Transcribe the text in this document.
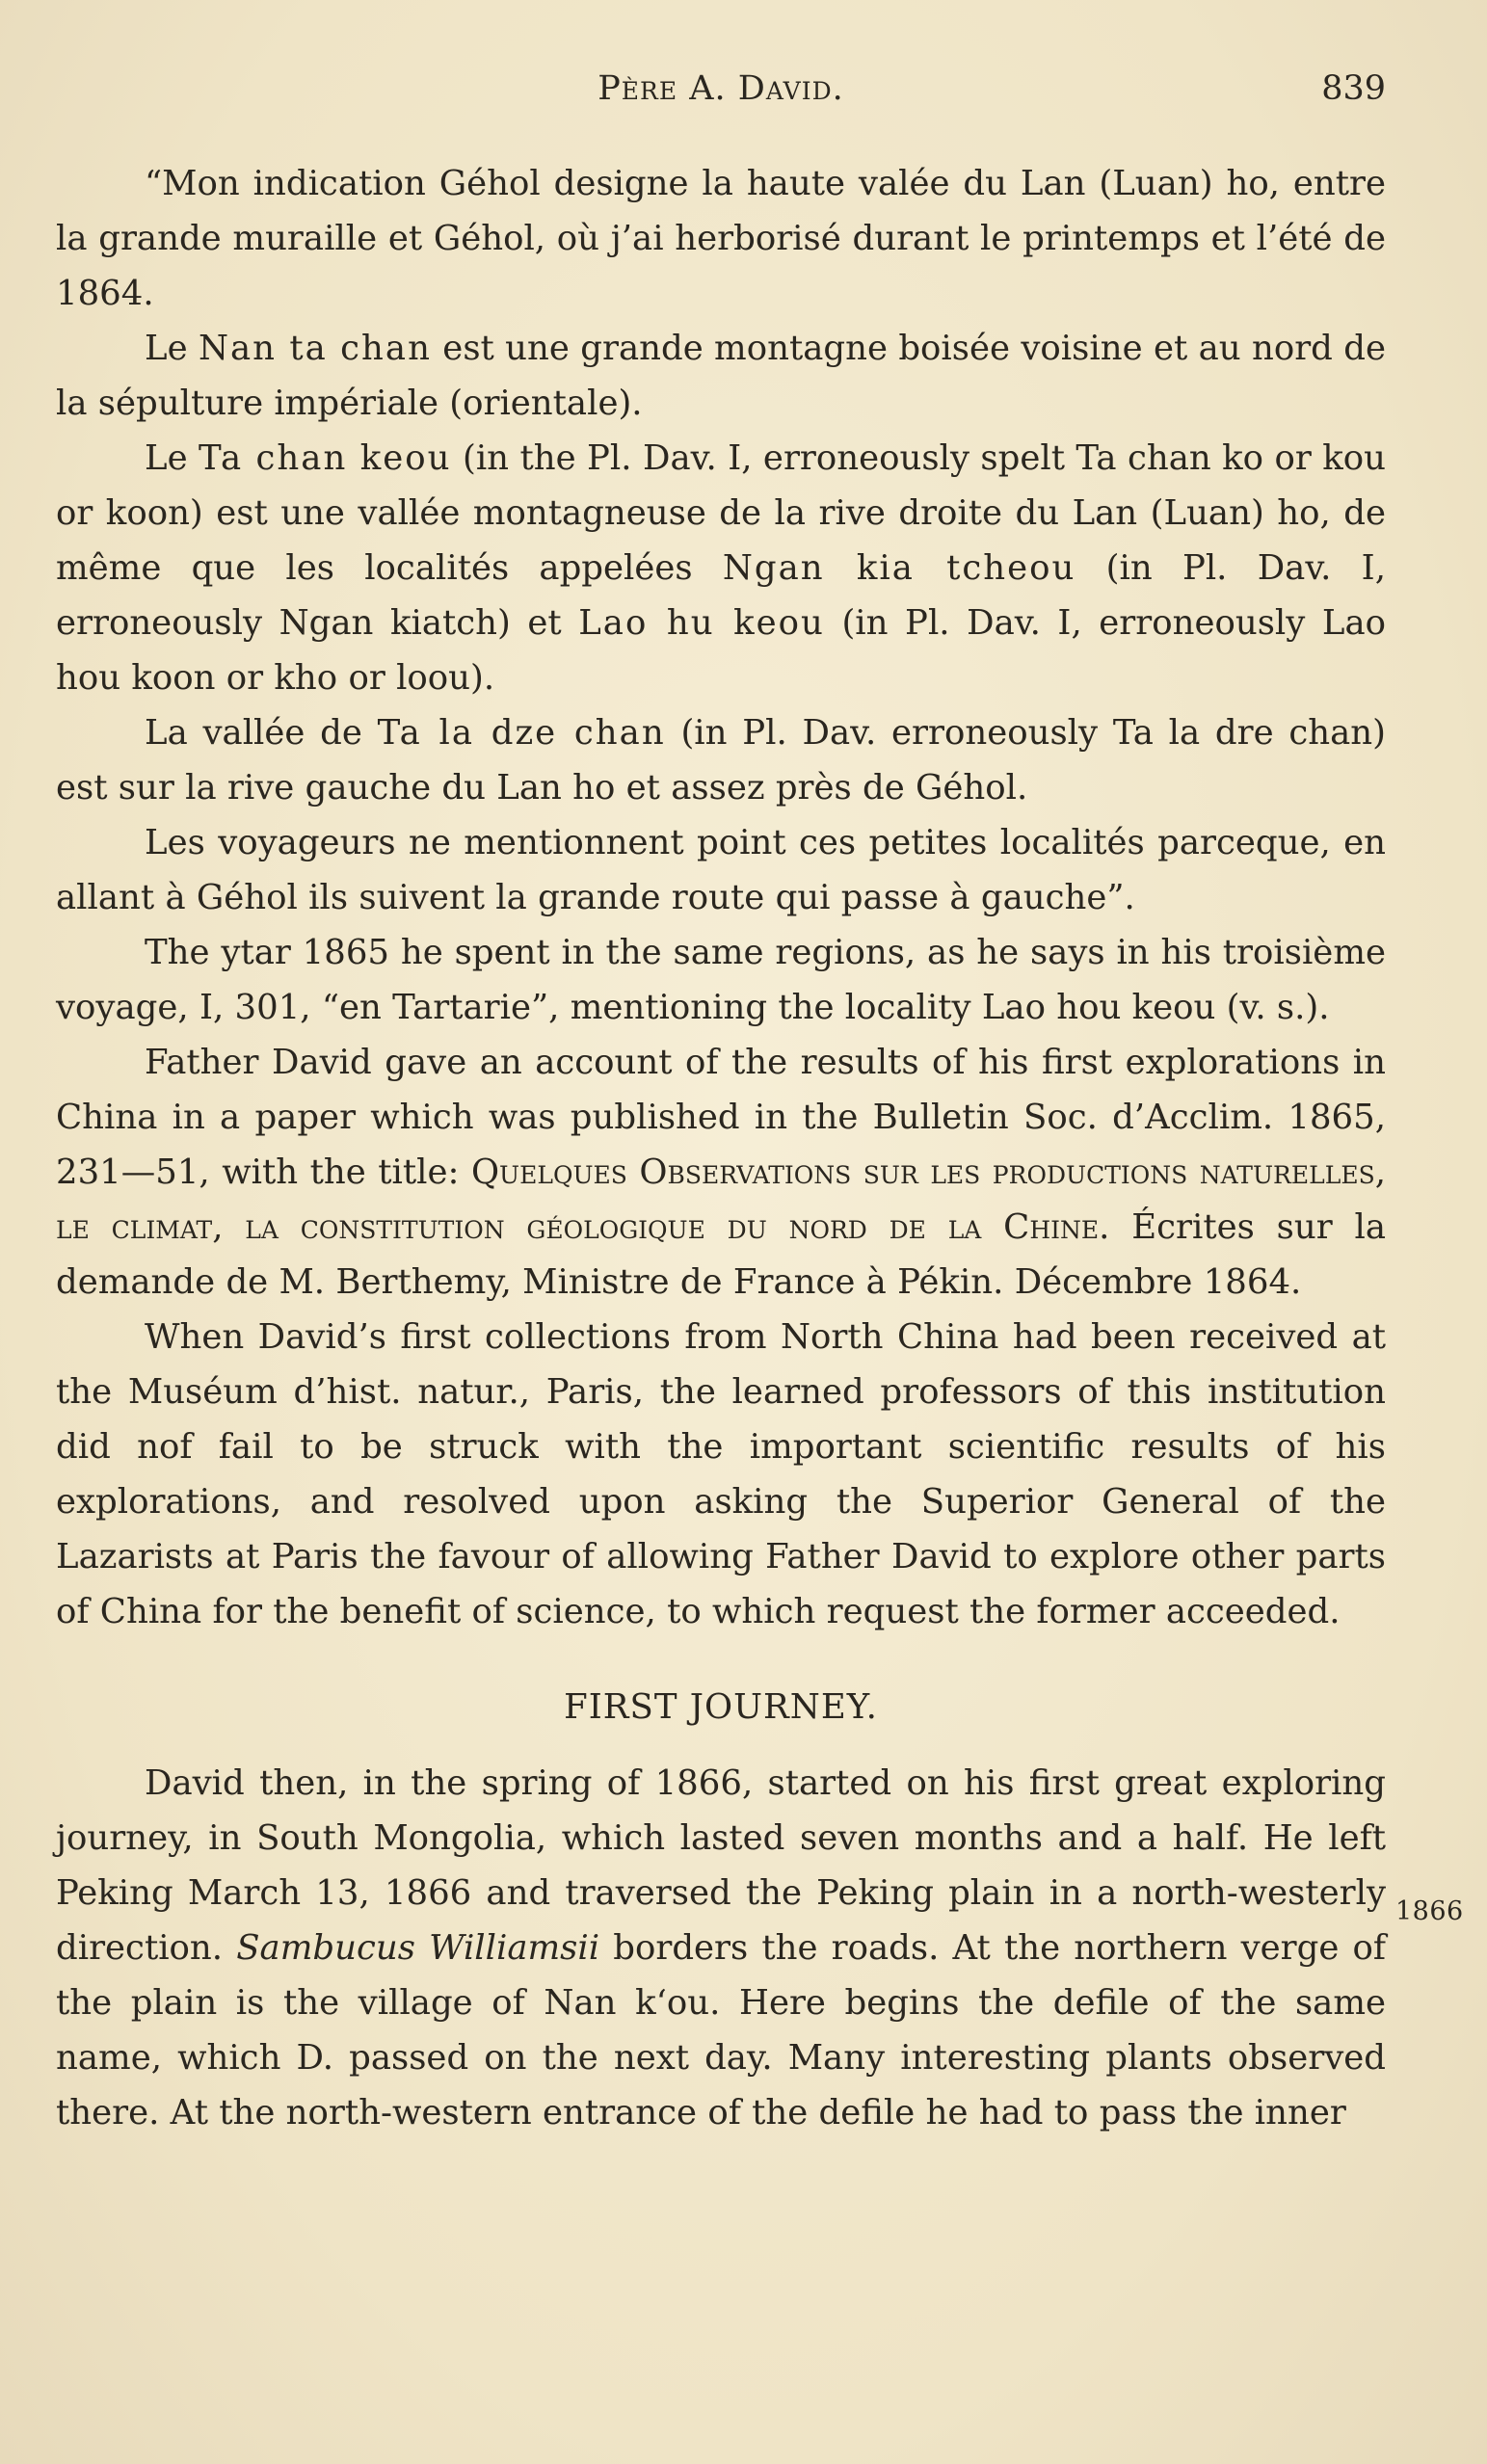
Père A. David.	839

“Mon indication Géhol designe la haute valée du Lan (Luan) ho, entre la grande muraille et Géhol, où j’ai herborisé durant le printemps et l’été de 1864.

Le Nan ta chan est une grande montagne boisée voisine et au nord de la sépulture impériale (orientale).

Le Ta chan keou (in the Pl. Dav. I, erroneously spelt Ta chan ko or kou or koon) est une vallée montagneuse de la rive droite du Lan (Luan) ho, de même que les localités appelées Ngan kia tcheou (in Pl. Dav. I, erroneously Ngan kiatch) et Lao hu keou (in Pl. Dav. I, erroneously Lao hou koon or kho or loou).

La vallée de Ta la dze chan (in Pl. Dav. erroneously Ta la dre chan) est sur la rive gauche du Lan ho et assez près de Géhol.

Les voyageurs ne mentionnent point ces petites localités parceque, en allant à Géhol ils suivent la grande route qui passe à gauche”.

The ytar 1865 he spent in the same regions, as he says in his troisième voyage, I, 301, “en Tartarie”, mentioning the locality Lao hou keou (v. s.).

Father David gave an account of the results of his first explorations in China in a paper which was published in the Bulletin Soc. d’Acclim. 1865, 231—51, with the title: Quelques Observations sur les productions naturelles, le climat, la constitution géologique du nord de la Chine. Écrites sur la demande de M. Berthemy, Ministre de France à Pékin. Décembre 1864.

When David’s first collections from North China had been received at the Muséum d’hist. natur., Paris, the learned professors of this institution did nof fail to be struck with the important scientific results of his explorations, and resolved upon asking the Superior General of the Lazarists at Paris the favour of allowing Father David to explore other parts of China for the benefit of science, to which request the former acceeded.

FIRST JOURNEY.

David then, in the spring of 1866, started on his first great exploring journey, in South Mongolia, which lasted seven months and a half. He left Peking March 13, 1866 and traversed the Peking plain in a north-westerly direction. Sambucus Williamsii borders the roads. At the northern verge of the plain is the village of Nan k‘ou. Here begins the defile of the same name, which D. passed on the next day. Many interesting plants observed there. At the north-western entrance of the defile he had to pass the inner

1866
